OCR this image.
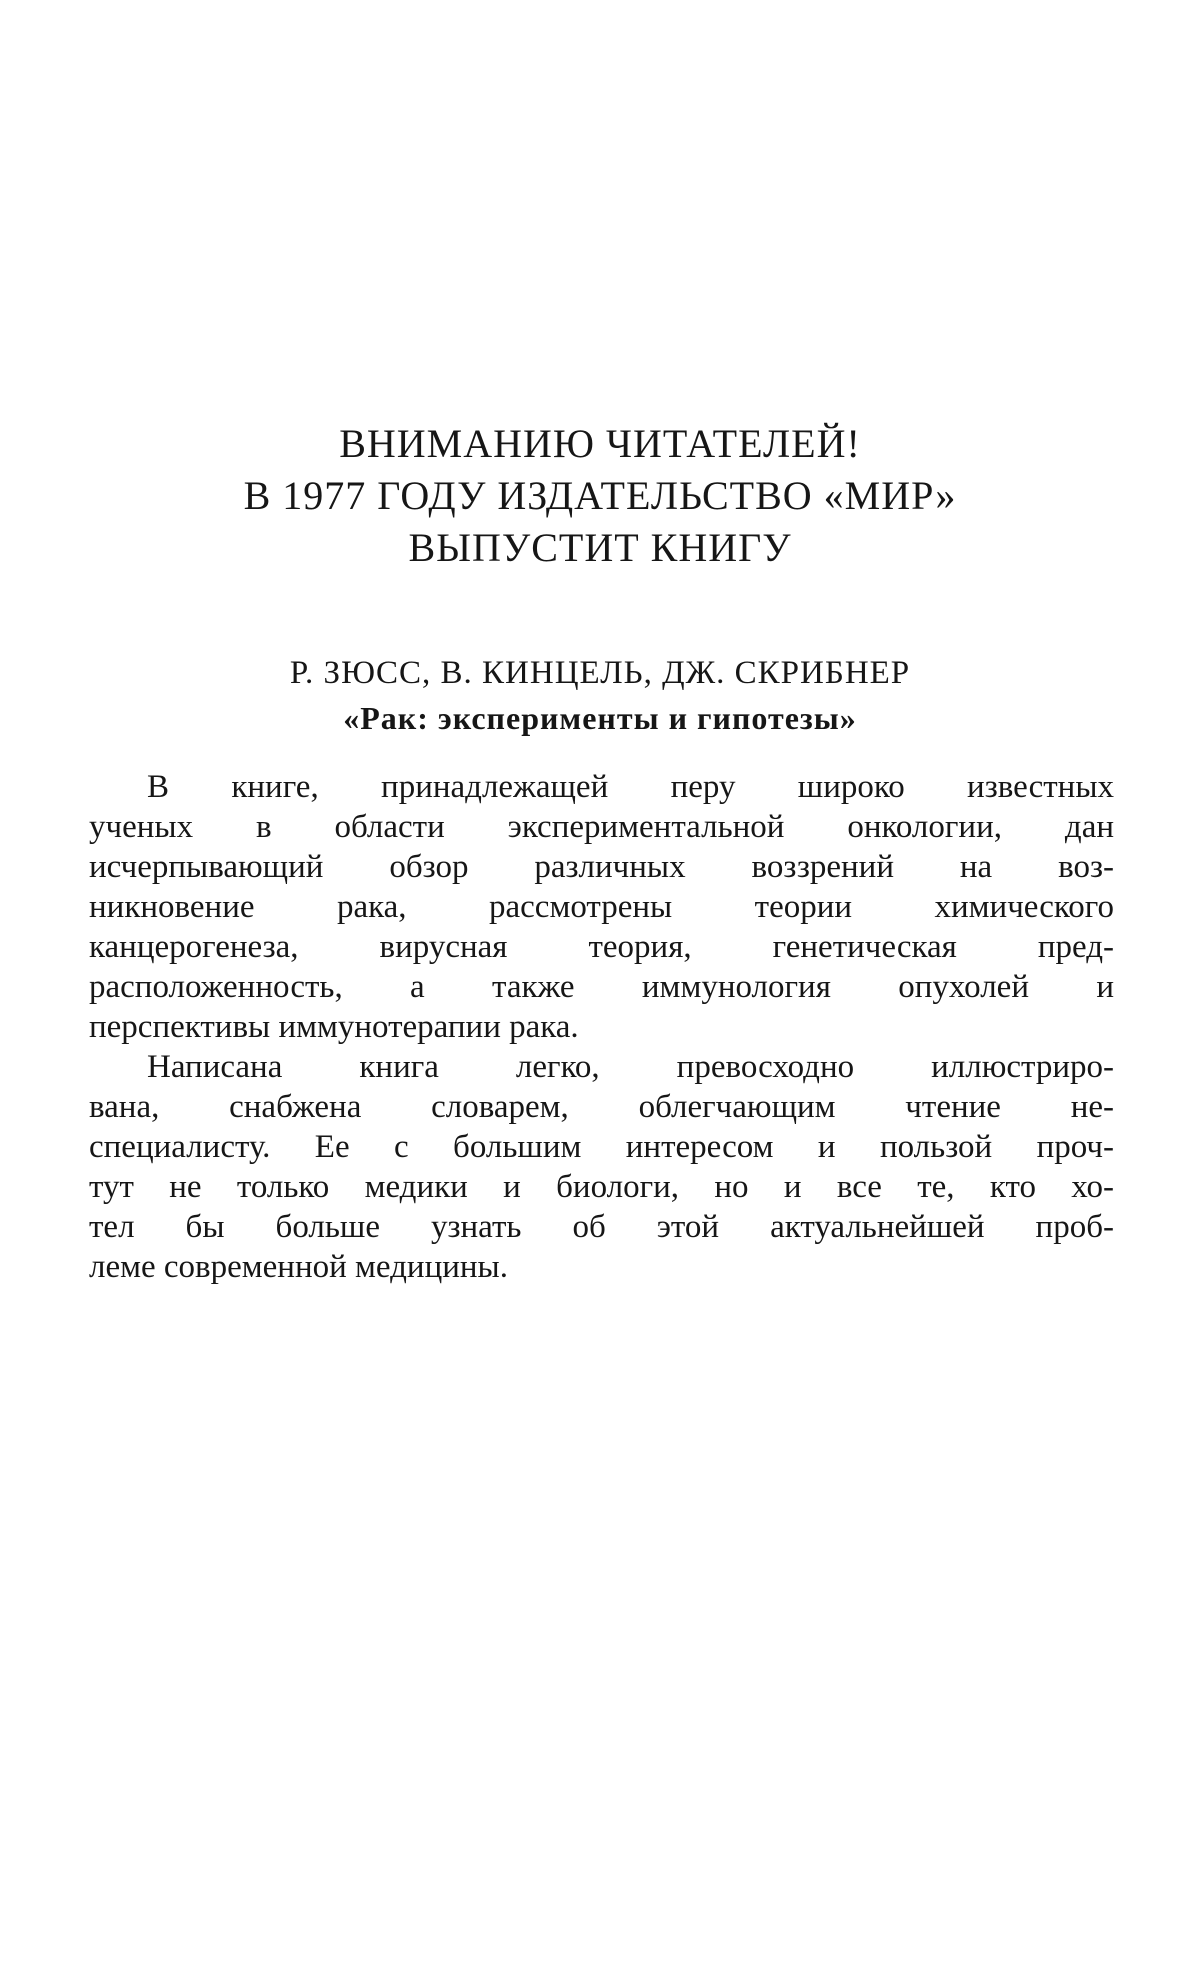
ВНИМАНИЮ ЧИТАТЕЛЕЙ!
В 1977 ГОДУ ИЗДАТЕЛЬСТВО «МИР»
ВЫПУСТИТ КНИГУ
Р. ЗЮСС, В. КИНЦЕЛЬ, ДЖ. СКРИБНЕР
«Рак: эксперименты и гипотезы»
В книге, принадлежащей перу широко известных
ученых в области экспериментальной онкологии, дан
исчерпывающий обзор различных воззрений на воз-
никновение рака, рассмотрены теории химического
канцерогенеза, вирусная теория, генетическая пред-
расположенность, а также иммунология опухолей и
перспективы иммунотерапии рака.
Написана книга легко, превосходно иллюстриро-
вана, снабжена словарем, облегчающим чтение не-
специалисту. Ее с большим интересом и пользой проч-
тут не только медики и биологи, но и все те, кто хо-
тел бы больше узнать об этой актуальнейшей проб-
леме современной медицины.
